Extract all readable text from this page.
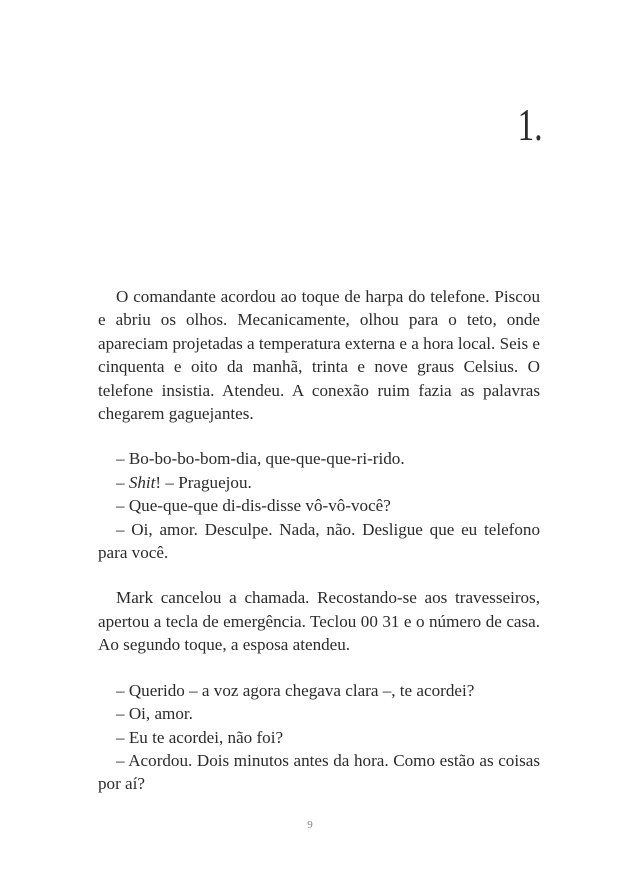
1.

O comandante acordou ao toque de harpa do telefone. Piscou e abriu os olhos. Mecanicamente, olhou para o teto, onde apareciam projetadas a temperatura externa e a hora local. Seis e cinquenta e oito da manhã, trinta e nove graus Celsius. O telefone insistia. Atendeu. A conexão ruim fazia as palavras chegarem gaguejantes.

– Bo-bo-bo-bom-dia, que-que-que-ri-rido.

– Shit! – Praguejou.

– Que-que-que di-dis-disse vô-vô-você?

– Oi, amor. Desculpe. Nada, não. Desligue que eu telefono para você.

Mark cancelou a chamada. Recostando-se aos travesseiros, apertou a tecla de emergência. Teclou 00 31 e o número de casa. Ao segundo toque, a esposa atendeu.

– Querido – a voz agora chegava clara –, te acordei?

– Oi, amor.

– Eu te acordei, não foi?

– Acordou. Dois minutos antes da hora. Como estão as coisas por aí?

9
